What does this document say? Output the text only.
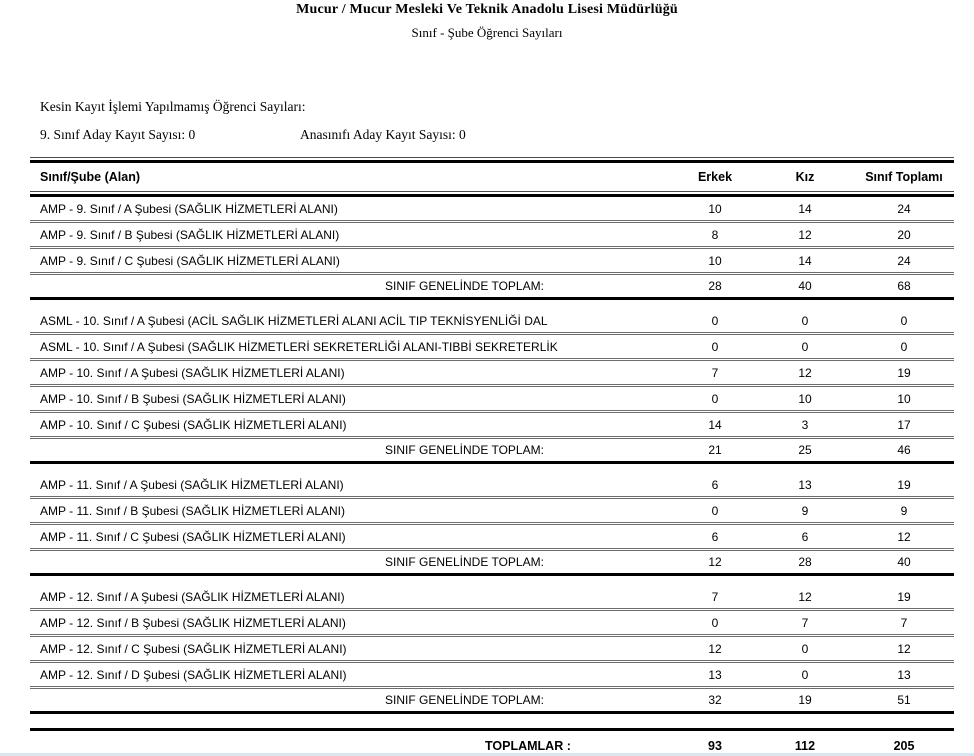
Mucur / Mucur Mesleki Ve Teknik Anadolu Lisesi Müdürlüğü
Sınıf - Şube Öğrenci Sayıları
Kesin Kayıt İşlemi Yapılmamış Öğrenci Sayıları:
9. Sınıf Aday Kayıt Sayısı: 0	Anasınıfı Aday Kayıt Sayısı: 0
Sınıf/Şube (Alan)	Erkek	Kız	Sınıf Toplamı
AMP - 9. Sınıf / A Şubesi (SAĞLIK HİZMETLERİ ALANI)	10	14	24
AMP - 9. Sınıf / B Şubesi (SAĞLIK HİZMETLERİ ALANI)	8	12	20
AMP - 9. Sınıf / C Şubesi (SAĞLIK HİZMETLERİ ALANI)	10	14	24
SINIF GENELİNDE TOPLAM:	28	40	68
ASML - 10. Sınıf / A Şubesi (ACİL SAĞLIK HİZMETLERİ ALANI ACİL TIP TEKNİSYENLİĞİ DAL	0	0	0
ASML - 10. Sınıf / A Şubesi (SAĞLIK HİZMETLERİ SEKRETERLİĞİ ALANI-TIBBİ SEKRETERLİK	0	0	0
AMP - 10. Sınıf / A Şubesi (SAĞLIK HİZMETLERİ ALANI)	7	12	19
AMP - 10. Sınıf / B Şubesi (SAĞLIK HİZMETLERİ ALANI)	0	10	10
AMP - 10. Sınıf / C Şubesi (SAĞLIK HİZMETLERİ ALANI)	14	3	17
SINIF GENELİNDE TOPLAM:	21	25	46
AMP - 11. Sınıf / A Şubesi (SAĞLIK HİZMETLERİ ALANI)	6	13	19
AMP - 11. Sınıf / B Şubesi (SAĞLIK HİZMETLERİ ALANI)	0	9	9
AMP - 11. Sınıf / C Şubesi (SAĞLIK HİZMETLERİ ALANI)	6	6	12
SINIF GENELİNDE TOPLAM:	12	28	40
AMP - 12. Sınıf / A Şubesi (SAĞLIK HİZMETLERİ ALANI)	7	12	19
AMP - 12. Sınıf / B Şubesi (SAĞLIK HİZMETLERİ ALANI)	0	7	7
AMP - 12. Sınıf / C Şubesi (SAĞLIK HİZMETLERİ ALANI)	12	0	12
AMP - 12. Sınıf / D Şubesi (SAĞLIK HİZMETLERİ ALANI)	13	0	13
SINIF GENELİNDE TOPLAM:	32	19	51
TOPLAMLAR :	93	112	205
